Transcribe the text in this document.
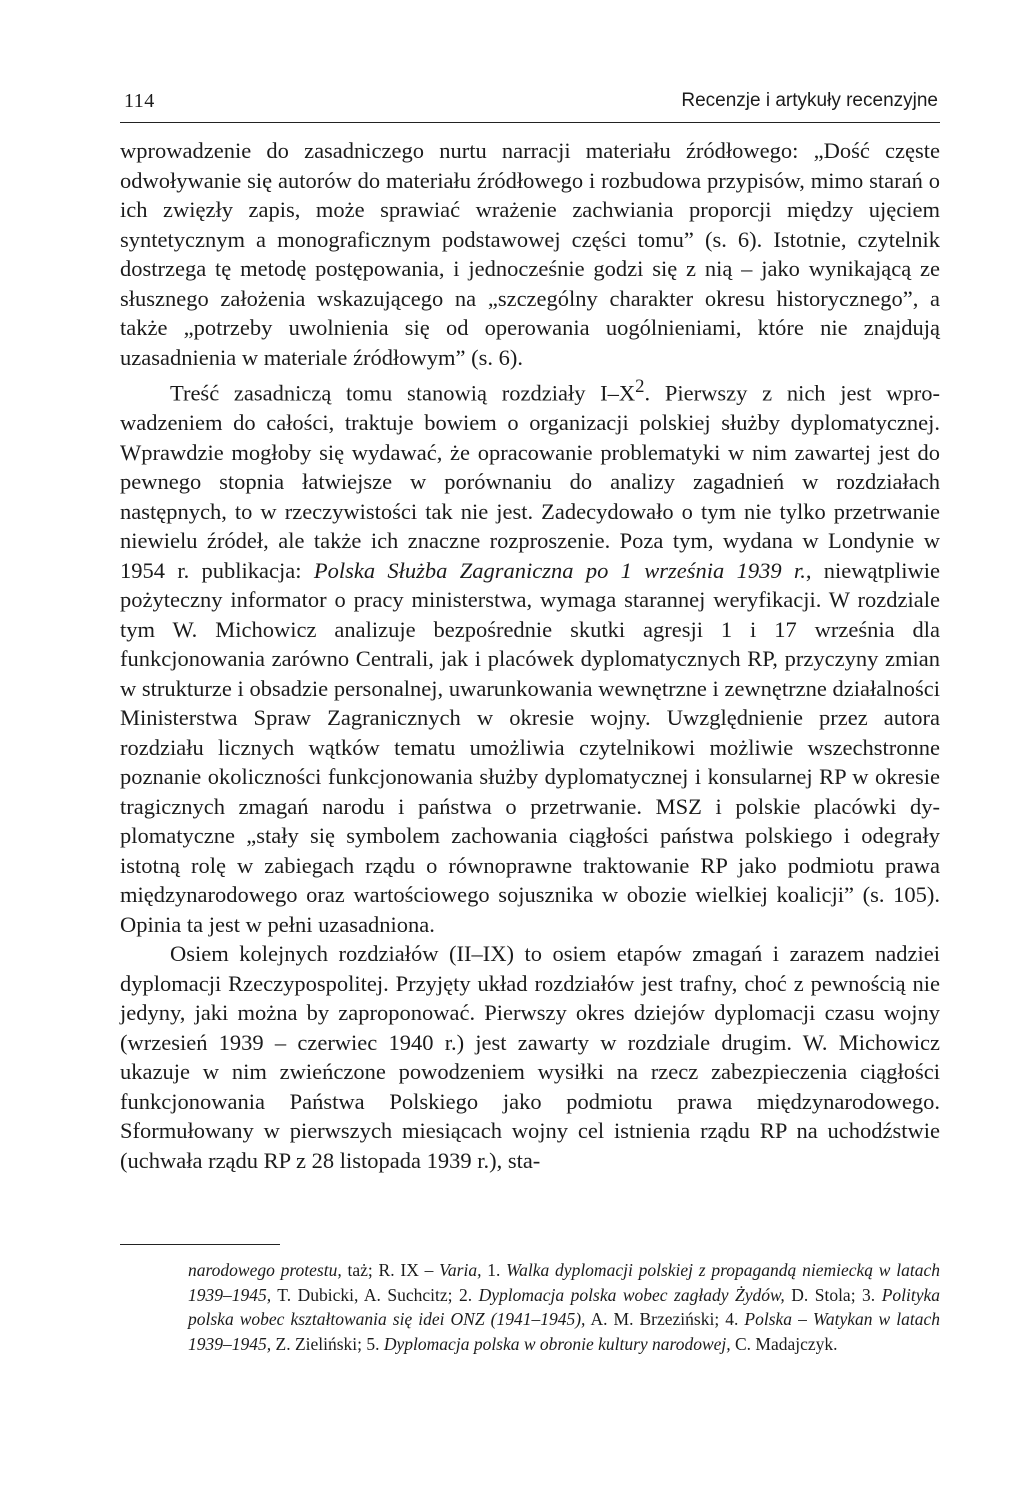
114	Recenzje i artykuły recenzyjne

wprowadzenie do zasadniczego nurtu narracji materiału źródłowego: „Dość częste odwoływanie się autorów do materiału źródłowego i rozbudowa przypisów, mimo starań o ich zwięzły zapis, może sprawiać wrażenie zachwiania proporcji między ujęciem syntetycznym a monograficznym podstawowej części tomu” (s. 6). Istotnie, czytelnik dostrzega tę metodę postępowania, i jednocześnie godzi się z nią – jako wynikającą ze słusznego założenia wskazującego na „szczególny charakter okresu historycznego”, a także „potrzeby uwolnienia się od operowania uogólnieniami, które nie znajdują uzasadnienia w materiale źródłowym” (s. 6).

Treść zasadniczą tomu stanowią rozdziały $I-X^2$. Pierwszy z nich jest wprowadzeniem do całości, traktuje bowiem o organizacji polskiej służby dyplomatycznej. Wprawdzie mogłoby się wydawać, że opracowanie problematyki w nim zawartej jest do pewnego stopnia łatwiejsze w porównaniu do analizy zagadnień w rozdziałach następnych, to w rzeczywistości tak nie jest. Zadecydowało o tym nie tylko przetrwanie niewielu źródeł, ale także ich znaczne rozproszenie. Poza tym, wydana w Londynie w 1954 r. publikacja: Polska Służba Zagraniczna po 1 września 1939 r., niewątpliwie pożyteczny informator o pracy ministerstwa, wymaga starannej weryfikacji. W rozdziale tym W. Michowicz analizuje bezpośrednie skutki agresji 1 i 17 września dla funkcjonowania zarówno Centrali, jak i placówek dyplomatycznych RP, przyczyny zmian w strukturze i obsadzie personalnej, uwarunkowania wewnętrzne i zewnętrzne działalności Ministerstwa Spraw Zagranicznych w okresie wojny. Uwzględnienie przez autora rozdziału licznych wątków tematu umożliwia czytelnikowi możliwie wszechstronne poznanie okoliczności funkcjonowania służby dyplomatycznej i konsularnej RP w okresie tragicznych zmagań narodu i państwa o przetrwanie. MSZ i polskie placówki dyplomatyczne „stały się symbolem zachowania ciągłości państwa polskiego i odegrały istotną rolę w zabiegach rządu o równoprawne traktowanie RP jako podmiotu prawa międzynarodowego oraz wartościowego sojusznika w obozie wielkiej koalicji” (s. 105). Opinia ta jest w pełni uzasadniona.

Osiem kolejnych rozdziałów (II–IX) to osiem etapów zmagań i zarazem nadziei dyplomacji Rzeczypospolitej. Przyjęty układ rozdziałów jest trafny, choć z pewnością nie jedyny, jaki można by zaproponować. Pierwszy okres dziejów dyplomacji czasu wojny (wrzesień 1939 – czerwiec 1940 r.) jest zawarty w rozdziale drugim. W. Michowicz ukazuje w nim zwieńczone powodzeniem wysiłki na rzecz zabezpieczenia ciągłości funkcjonowania Państwa Polskiego jako podmiotu prawa międzynarodowego. Sformułowany w pierwszych miesiącach wojny cel istnienia rządu RP na uchodźstwie (uchwała rządu RP z 28 listopada 1939 r.), sta-

narodowego protestu, taż; R. IX – Varia, 1. Walka dyplomacji polskiej z propagandą niemiecką w latach 1939–1945, T. Dubicki, A. Suchcitz; 2. Dyplomacja polska wobec zagłady Żydów, D. Stola; 3. Polityka polska wobec kształtowania się idei ONZ (1941–1945), A. M. Brzeziński; 4. Polska – Watykan w latach 1939–1945, Z. Zieliński; 5. Dyplomacja polska w obronie kultury narodowej, C. Madajczyk.
